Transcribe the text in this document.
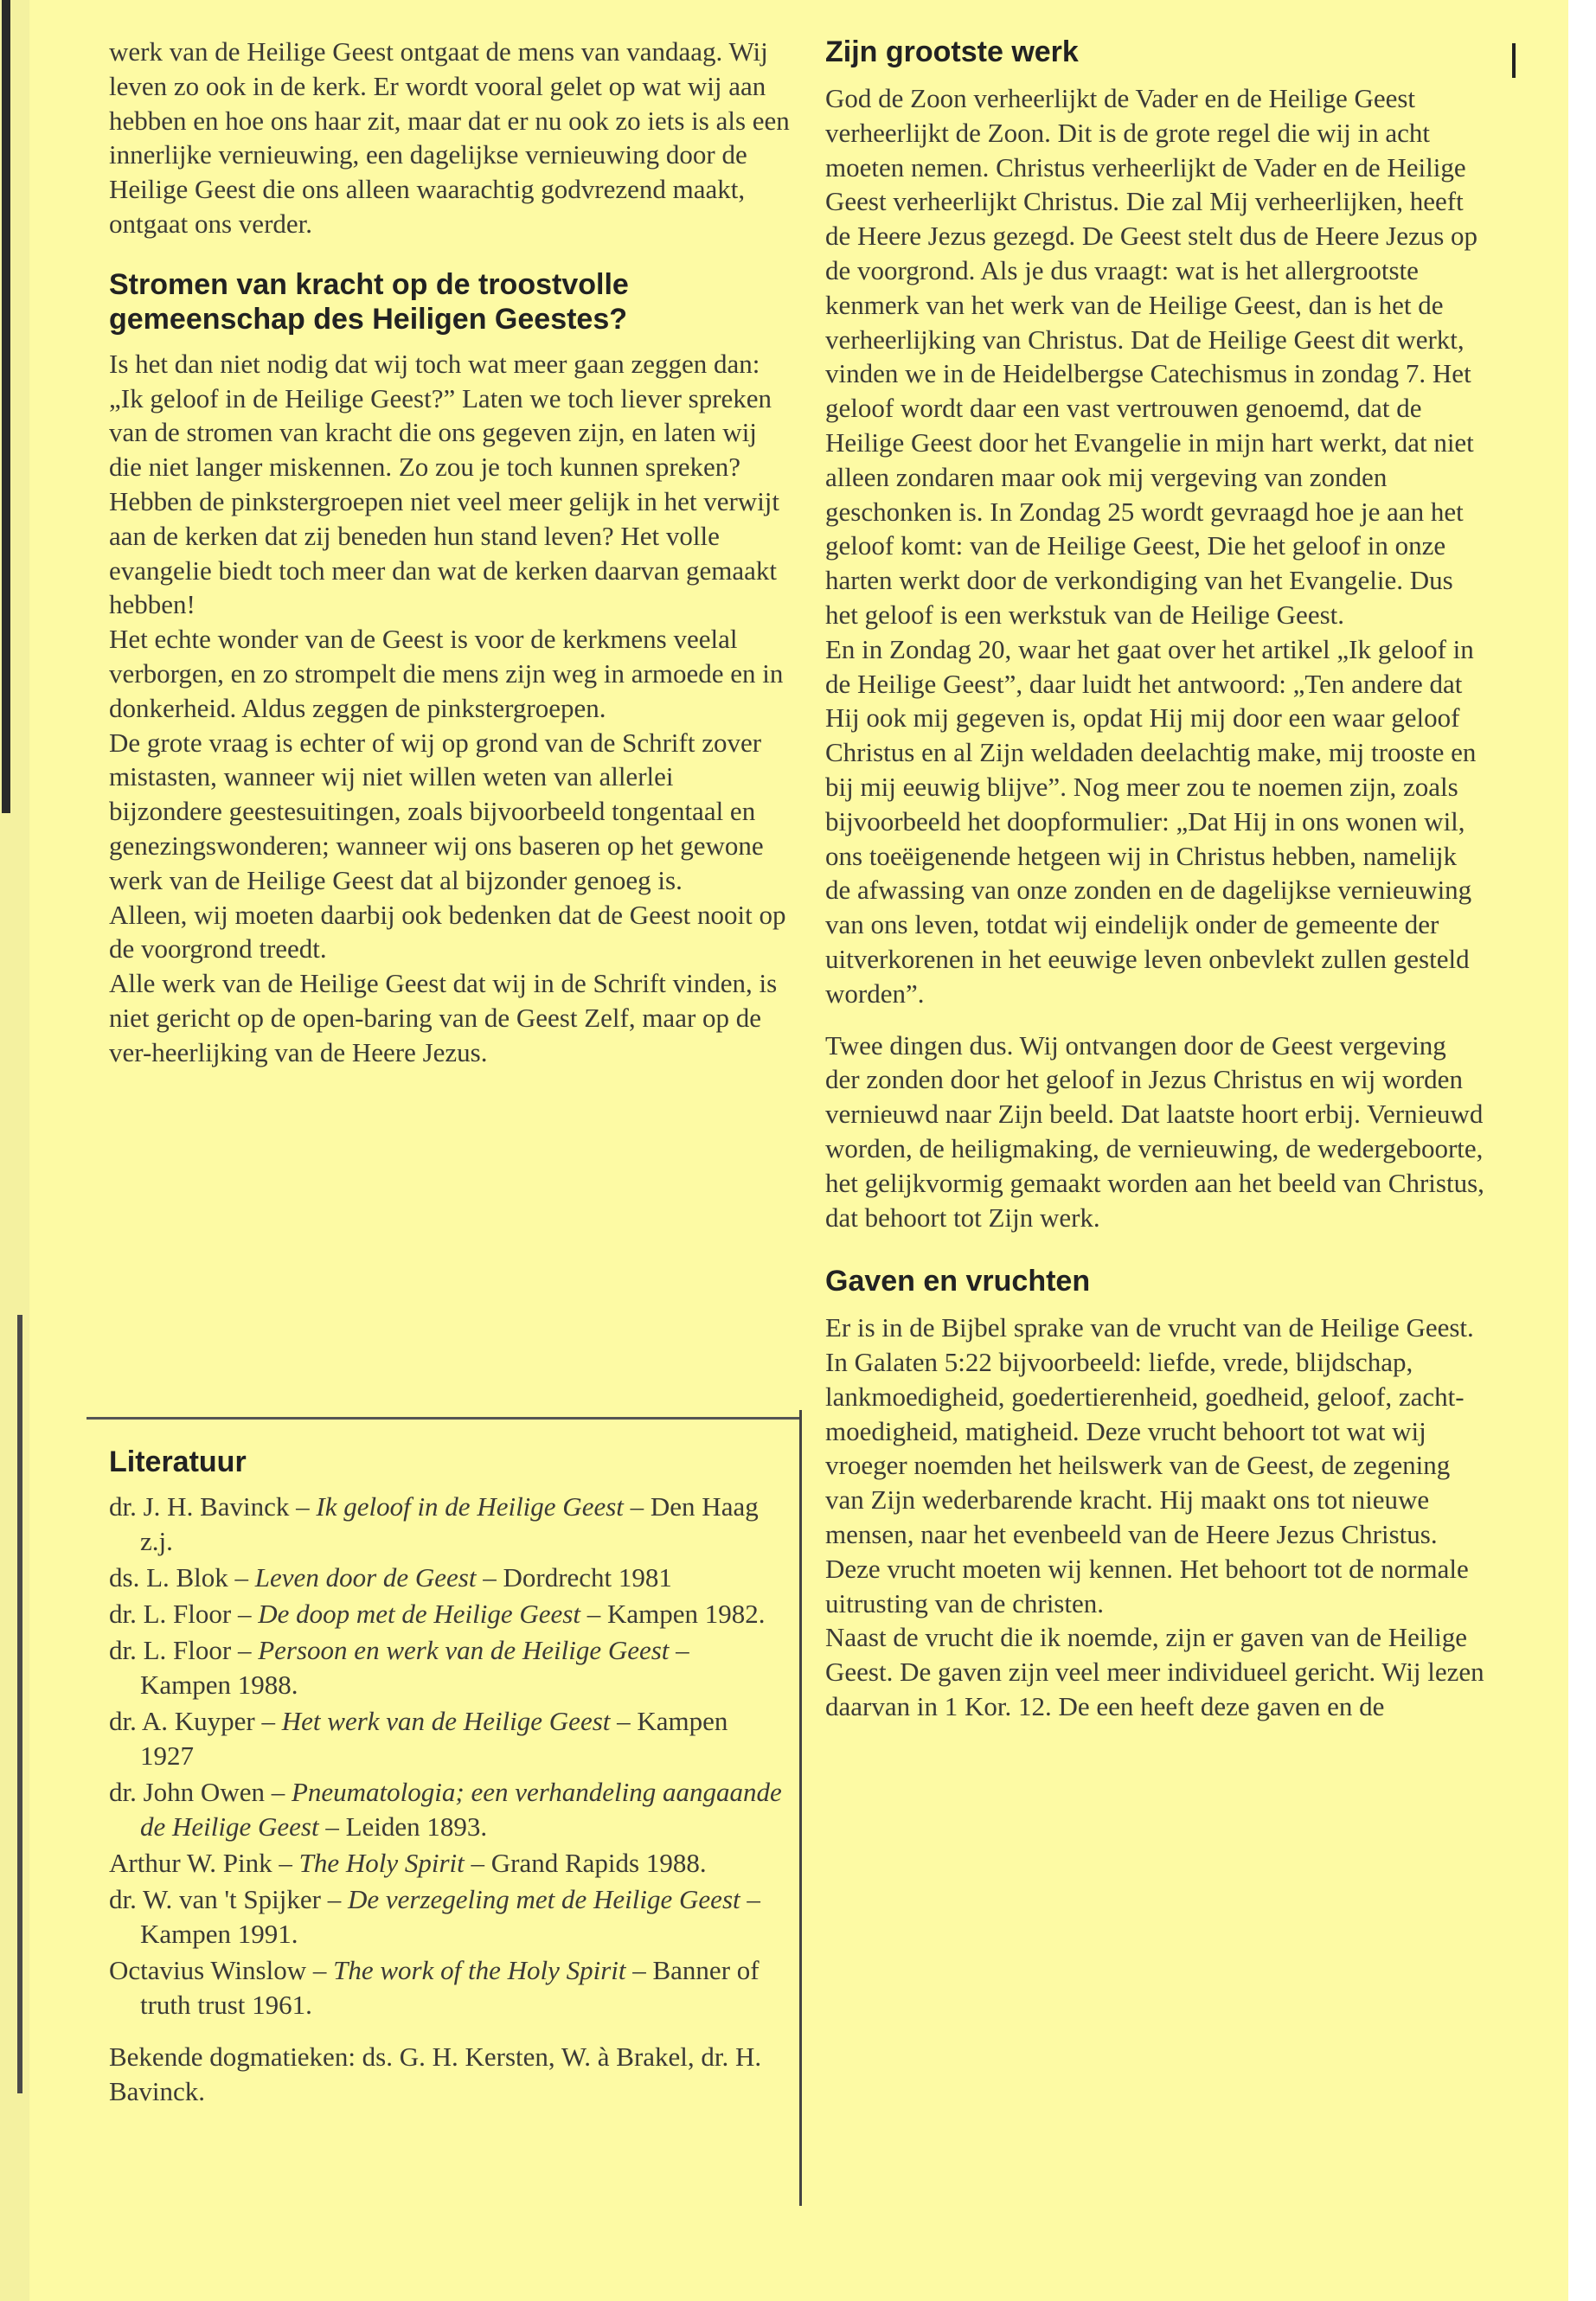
werk van de Heilige Geest ontgaat de mens van vandaag. Wij leven zo ook in de kerk. Er wordt vooral gelet op wat wij aan hebben en hoe ons haar zit, maar dat er nu ook zo iets is als een innerlijke vernieuwing, een dagelijkse vernieuwing door de Heilige Geest die ons alleen waarachtig godvrezend maakt, ontgaat ons verder.

Stromen van kracht op de troostvolle gemeenschap des Heiligen Geestes?

Is het dan niet nodig dat wij toch wat meer gaan zeggen dan: „Ik geloof in de Heilige Geest?” Laten we toch liever spreken van de stromen van kracht die ons gegeven zijn, en laten wij die niet langer miskennen. Zo zou je toch kunnen spreken?

Hebben de pinkstergroepen niet veel meer gelijk in het verwijt aan de kerken dat zij beneden hun stand leven? Het volle evangelie biedt toch meer dan wat de kerken daarvan gemaakt hebben!

Het echte wonder van de Geest is voor de kerkmens veelal verborgen, en zo strompelt die mens zijn weg in armoede en in donkerheid. Aldus zeggen de pinkstergroepen.

De grote vraag is echter of wij op grond van de Schrift zover mistasten, wanneer wij niet willen weten van allerlei bijzondere geestesuitingen, zoals bijvoorbeeld tongentaal en genezingswonderen; wanneer wij ons baseren op het gewone werk van de Heilige Geest dat al bijzonder genoeg is.

Alleen, wij moeten daarbij ook bedenken dat de Geest nooit op de voorgrond treedt.

Alle werk van de Heilige Geest dat wij in de Schrift vinden, is niet gericht op de open-baring van de Geest Zelf, maar op de ver-heerlijking van de Heere Jezus.

Literatuur
dr. J. H. Bavinck – Ik geloof in de Heilige Geest – Den Haag z.j.
ds. L. Blok – Leven door de Geest – Dordrecht 1981
dr. L. Floor – De doop met de Heilige Geest – Kampen 1982.
dr. L. Floor – Persoon en werk van de Heilige Geest – Kampen 1988.
dr. A. Kuyper – Het werk van de Heilige Geest – Kampen 1927
dr. John Owen – Pneumatologia; een verhandeling aangaande de Heilige Geest – Leiden 1893.
Arthur W. Pink – The Holy Spirit – Grand Rapids 1988.
dr. W. van 't Spijker – De verzegeling met de Heilige Geest – Kampen 1991.
Octavius Winslow – The work of the Holy Spirit – Banner of truth trust 1961.

Bekende dogmatieken: ds. G. H. Kersten, W. à Brakel, dr. H. Bavinck.

Zijn grootste werk

God de Zoon verheerlijkt de Vader en de Heilige Geest verheerlijkt de Zoon. Dit is de grote regel die wij in acht moeten nemen. Christus verheerlijkt de Vader en de Heilige Geest verheerlijkt Christus. Die zal Mij verheerlijken, heeft de Heere Jezus gezegd. De Geest stelt dus de Heere Jezus op de voorgrond. Als je dus vraagt: wat is het allergrootste kenmerk van het werk van de Heilige Geest, dan is het de verheerlijking van Christus. Dat de Heilige Geest dit werkt, vinden we in de Heidelbergse Catechismus in zondag 7. Het geloof wordt daar een vast vertrouwen genoemd, dat de Heilige Geest door het Evangelie in mijn hart werkt, dat niet alleen zondaren maar ook mij vergeving van zonden geschonken is. In Zondag 25 wordt gevraagd hoe je aan het geloof komt: van de Heilige Geest, Die het geloof in onze harten werkt door de verkondiging van het Evangelie. Dus het geloof is een werkstuk van de Heilige Geest.

En in Zondag 20, waar het gaat over het artikel „Ik geloof in de Heilige Geest”, daar luidt het antwoord: „Ten andere dat Hij ook mij gegeven is, opdat Hij mij door een waar geloof Christus en al Zijn weldaden deelachtig make, mij trooste en bij mij eeuwig blijve”. Nog meer zou te noemen zijn, zoals bijvoorbeeld het doopformulier: „Dat Hij in ons wonen wil, ons toeëigenende hetgeen wij in Christus hebben, namelijk de afwassing van onze zonden en de dagelijkse vernieuwing van ons leven, totdat wij eindelijk onder de gemeente der uitverkorenen in het eeuwige leven onbevlekt zullen gesteld worden”.

Twee dingen dus. Wij ontvangen door de Geest vergeving der zonden door het geloof in Jezus Christus en wij worden vernieuwd naar Zijn beeld. Dat laatste hoort erbij. Vernieuwd worden, de heiligmaking, de vernieuwing, de wedergeboorte, het gelijkvormig gemaakt worden aan het beeld van Christus, dat behoort tot Zijn werk.

Gaven en vruchten

Er is in de Bijbel sprake van de vrucht van de Heilige Geest. In Galaten 5:22 bijvoorbeeld: liefde, vrede, blijdschap, lankmoedigheid, goedertierenheid, goedheid, geloof, zacht-moedigheid, matigheid. Deze vrucht behoort tot wat wij vroeger noemden het heilswerk van de Geest, de zegening van Zijn wederbarende kracht. Hij maakt ons tot nieuwe mensen, naar het evenbeeld van de Heere Jezus Christus. Deze vrucht moeten wij kennen. Het behoort tot de normale uitrusting van de christen.

Naast de vrucht die ik noemde, zijn er gaven van de Heilige Geest. De gaven zijn veel meer individueel gericht. Wij lezen daarvan in 1 Kor. 12. De een heeft deze gaven en de
